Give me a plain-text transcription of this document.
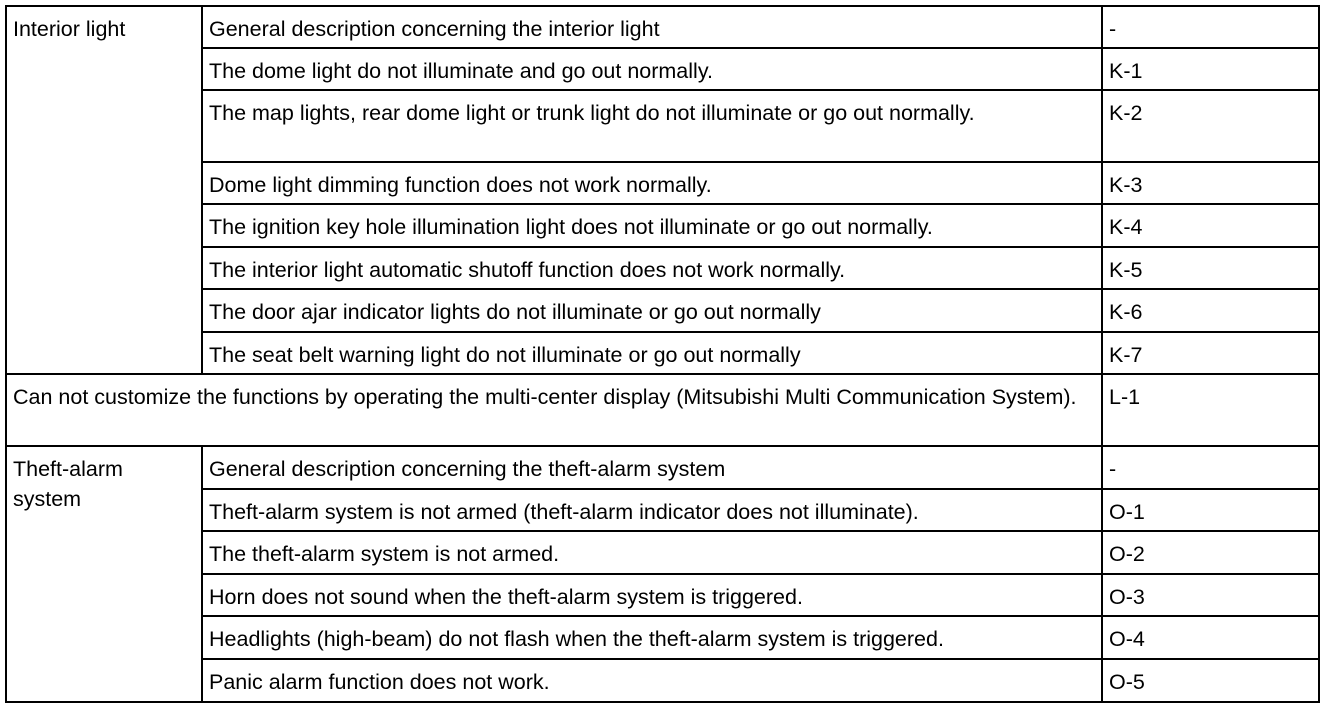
Interior light	General description concerning the interior light	-
	The dome light do not illuminate and go out normally.	K-1
	The map lights, rear dome light or trunk light do not illuminate or go out normally.	K-2
	Dome light dimming function does not work normally.	K-3
	The ignition key hole illumination light does not illuminate or go out normally.	K-4
	The interior light automatic shutoff function does not work normally.	K-5
	The door ajar indicator lights do not illuminate or go out normally	K-6
	The seat belt warning light do not illuminate or go out normally	K-7
Can not customize the functions by operating the multi-center display (Mitsubishi Multi Communication System).		L-1
Theft-alarm system	General description concerning the theft-alarm system	-
	Theft-alarm system is not armed (theft-alarm indicator does not illuminate).	O-1
	The theft-alarm system is not armed.	O-2
	Horn does not sound when the theft-alarm system is triggered.	O-3
	Headlights (high-beam) do not flash when the theft-alarm system is triggered.	O-4
	Panic alarm function does not work.	O-5
